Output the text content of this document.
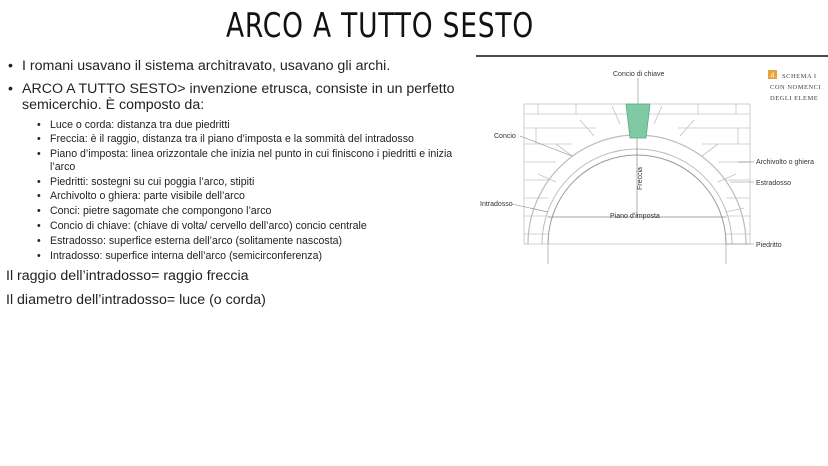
ARCO A TUTTO SESTO
• I romani usavano il sistema architravato, usavano gli archi.
• ARCO A TUTTO SESTO> invenzione etrusca, consiste in un perfetto semicerchio. È composto da:
• Luce o corda: distanza tra due piedritti
• Freccia: è il raggio, distanza tra il piano d’imposta e la sommità del intradosso
• Piano d’imposta: linea orizzontale che inizia nel punto in cui finiscono i piedritti e inizia l’arco
• Piedritti: sostegni su cui poggia l’arco, stipiti
• Archivolto o ghiera: parte visibile dell’arco
• Conci: pietre sagomate che compongono l’arco
• Concio di chiave: (chiave di volta/ cervello dell’arco) concio centrale
• Estradosso: superfice esterna dell’arco (solitamente nascosta)
• Intradosso: superfice interna dell’arco (semicirconferenza)
Il raggio dell’intradosso= raggio freccia
Il diametro dell’intradosso= luce (o corda)
Concio di chiave
Concio
Intradosso
Freccia
Piano d’imposta
Archivolto o ghiera
Estradosso
Piedritto
4 SCHEMA I
CON NOMENCI
DEGLI ELEME
